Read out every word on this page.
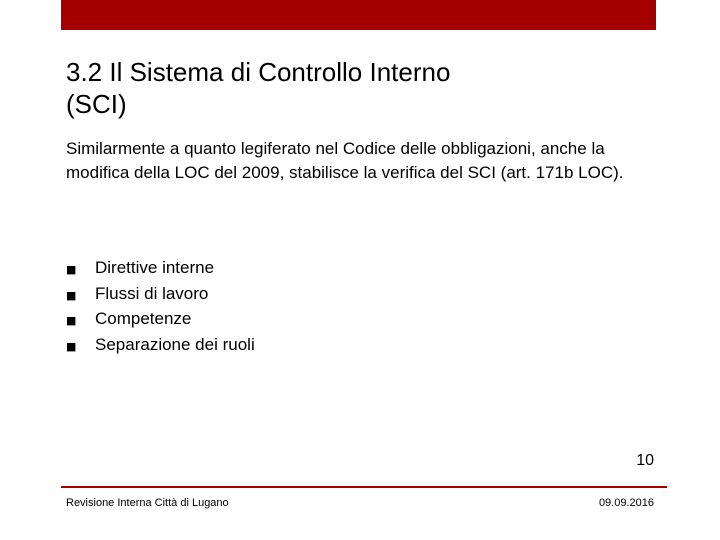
3.2 Il Sistema di Controllo Interno
(SCI)

Similarmente a quanto legiferato nel Codice delle obbligazioni, anche la modifica della LOC del 2009, stabilisce la verifica del SCI (art. 171b LOC).

■	Direttive interne
■	Flussi di lavoro
■	Competenze
■	Separazione dei ruoli
10
Revisione Interna Città di Lugano	09.09.2016
